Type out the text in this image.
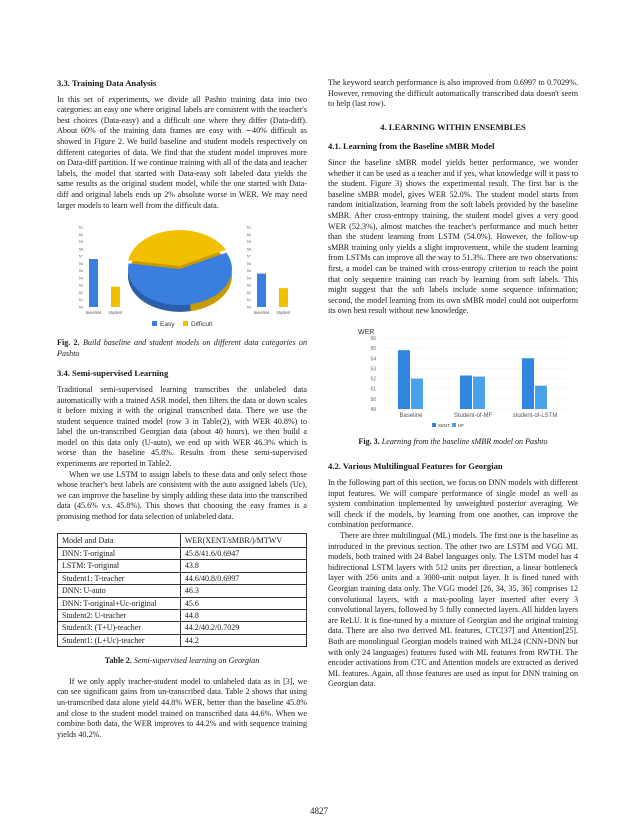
3.3. Training Data Analysis

In this set of experiments, we divide all Pashto training data into two categories: an easy one where original labels are consistent with the teacher's best choices (Data-easy) and a difficult one where they differ (Data-diff). About 60% of the training data frames are easy with ∼40% difficult as showed in Figure 2. We build baseline and student models respectively on different categories of data. We find that the student model improves more on Data-diff partition. If we continue training with all of the data and teacher labels, the model that started with Data-easy soft labeled data yields the same results as the original student model, while the one started with Data-diff and original labels ends up 2% absolute worse in WER. We may need larger models to learn well from the difficult data.

61
60
59
58
57
56
55
54
53
52
51
50
baseline student
61
60
59
58
57
56
55
54
53
52
51
50
baseline student
Easy	Difficult

Fig. 2. Build baseline and student models on different data categories on Pashto

3.4. Semi-supervised Learning

Traditional semi-supervised learning transcribes the unlabeled data automatically with a trained ASR model, then filters the data or down scales it before mixing it with the original transcribed data. There we use the student sequence trained model (row 3 in Table(2), with WER 40.8%) to label the un-transcribed Georgian data (about 40 hours), we then build a model on this data only (U-auto), we end up with WER 46.3% which is worse than the baseline 45.8%. Results from these semi-supervised experiments are reported in Table2.

When we use LSTM to assign labels to these data and only select those whose teacher's best labels are consistent with the auto assigned labels (Uc), we can improve the baseline by simply adding these data into the transcribed data (45.6% v.s. 45.8%). This shows that choosing the easy frames is a promising method for data selection of unlabeled data.

Model and Data	WER(XENT/sMBR/)/MTWV
DNN: T-original	45.8/41.6/0.6947
LSTM: T-original	43.8
Student1: T-teacher	44.6/40.8/0.6997
DNN: U-auto	46.3
DNN: T-original+Uc-original	45.6
Student2: U-teacher	44.8
Student3: (T+U)-teacher	44.2/40.2/0.7029
Student1: (L+Uc)-teacher	44.2

Table 2. Semi-supervised learning on Georgian

If we only apply teacher-student model to unlabeled data as in [3], we can see significant gains from un-transcribed data. Table 2 shows that using un-transcribed data alone yield 44.8% WER, better than the baseline 45.8% and close to the student model trained on transcribed data 44.6%. When we combine both data, the WER improves to 44.2% and with sequence training yields 40.2%.

The keyword search performance is also improved from 0.6997 to 0.7029%. However, removing the difficult automatically transcribed data doesn't seem to help (last row).

4. LEARNING WITHIN ENSEMBLES
4.1. Learning from the Baseline sMBR Model

Since the baseline sMBR model yields better performance, we wonder whether it can be used as a teacher and if yes, what knowledge will it pass to the student. Figure 3) shows the experimental result. The first bar is the baseline sMBR model, gives WER 52.0%. The student model starts from random initialization, learning from the soft labels provided by the baseline sMBR. After cross-entropy training, the student model gives a very good WER (52.3%), almost matches the teacher's performance and much better than the student learning from LSTM (54.0%). However, the follow-up sMBR training only yields a slight improvement, while the student learning from LSTMs can improve all the way to 51.3%. There are two observations: first, a model can be trained with cross-entropy criterion to reach the point that only sequence training can reach by learning from soft labels. This might suggest that the soft labels include some sequence information; second, the model learning from its own sMBR model could not outperform its own best result without new knowledge.

WER
56
55
54
53
52
51
50
49
Baseline	Student-of-MF	student-of-LSTM
XENT HF

Fig. 3. Learning from the baseline sMBR model on Pashto

4.2. Various Multilingual Features for Georgian

In the following part of this section, we focus on DNN models with different input features. We will compare performance of single model as well as system combination implemented by unweighted posterior averaging. We will check if the models, by learning from one another, can improve the combination performance.

There are three multilingual (ML) models. The first one is the baseline as introduced in the previous section. The other two are LSTM and VGG ML models, both trained with 24 Babel languages only. The LSTM model has 4 bidirectional LSTM layers with 512 units per direction, a linear bottleneck layer with 256 units and a 3000-unit output layer. It is fined tuned with Georgian training data only. The VGG model [26, 34, 35, 36] comprises 12 convolutional layers, with a max-pooling layer inserted after every 3 convolutional layers, followed by 5 fully connected layers. All hidden layers are ReLU. It is fine-tuned by a mixture of Georgian and the original training data. There are also two derived ML features, CTC[37] and Attention[25]. Both are monolingual Georgian models trained with ML24 (CNN+DNN but with only 24 languages) features fused with ML features from RWTH. The encoder activations from CTC and Attention models are extracted as derived ML features. Again, all those features are used as input for DNN training on Georgian data.

4827
